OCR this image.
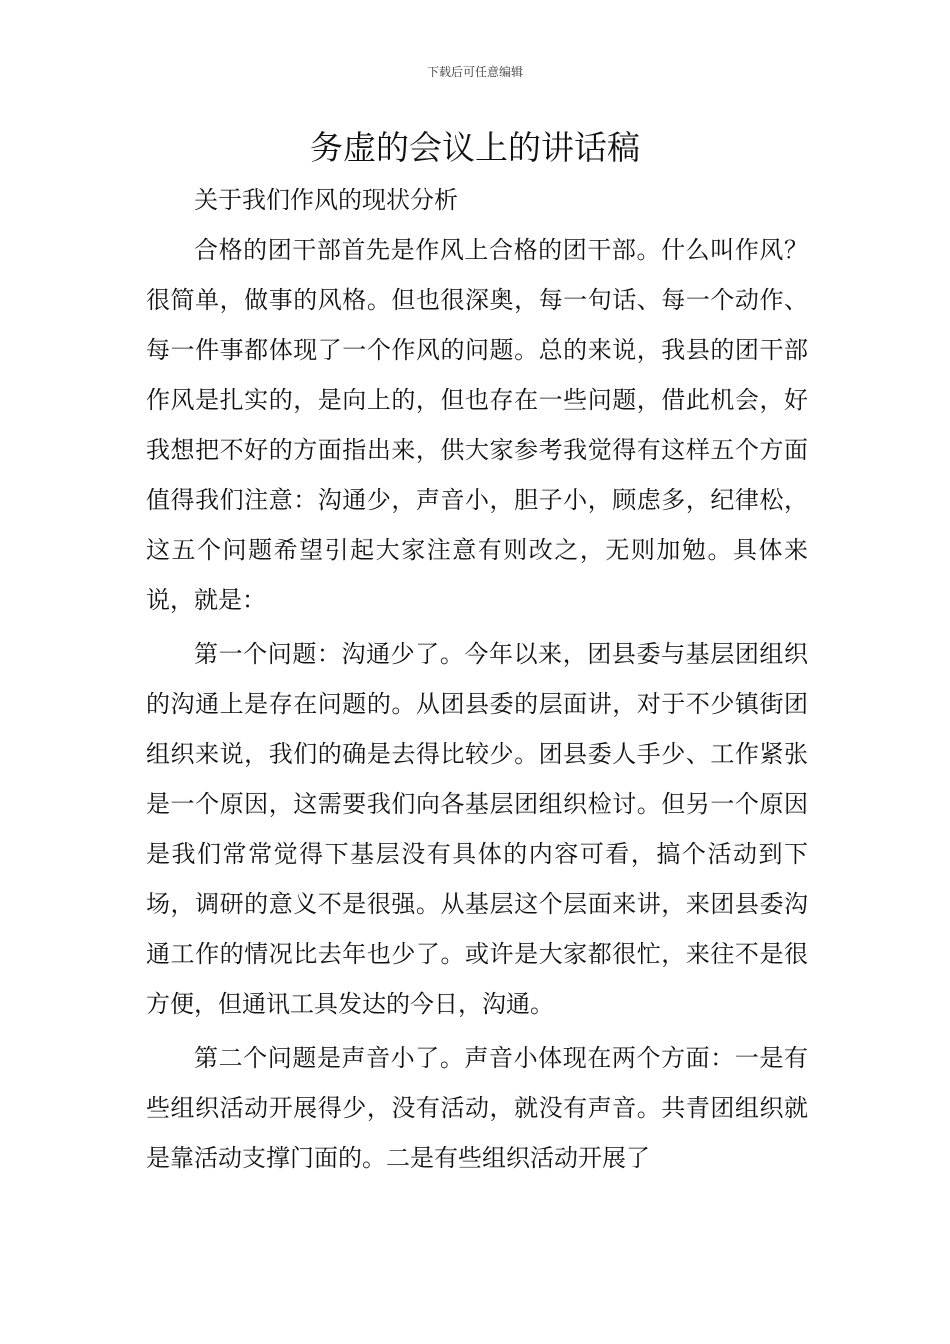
下载后可任意编辑
务虚的会议上的讲话稿

关于我们作风的现状分析

合格的团干部首先是作风上合格的团干部。什么叫作风？很简单，做事的风格。但也很深奥，每一句话、每一个动作、每一件事都体现了一个作风的问题。总的来说，我县的团干部作风是扎实的，是向上的，但也存在一些问题，借此机会，好我想把不好的方面指出来，供大家参考我觉得有这样五个方面值得我们注意：沟通少，声音小，胆子小，顾虑多，纪律松，这五个问题希望引起大家注意有则改之，无则加勉。具体来说，就是：

第一个问题：沟通少了。今年以来，团县委与基层团组织的沟通上是存在问题的。从团县委的层面讲，对于不少镇街团组织来说，我们的确是去得比较少。团县委人手少、工作紧张是一个原因，这需要我们向各基层团组织检讨。但另一个原因是我们常常觉得下基层没有具体的内容可看，搞个活动到下场，调研的意义不是很强。从基层这个层面来讲，来团县委沟通工作的情况比去年也少了。或许是大家都很忙，来往不是很方便，但通讯工具发达的今日，沟通。

第二个问题是声音小了。声音小体现在两个方面：一是有些组织活动开展得少，没有活动，就没有声音。共青团组织就是靠活动支撑门面的。二是有些组织活动开展了
